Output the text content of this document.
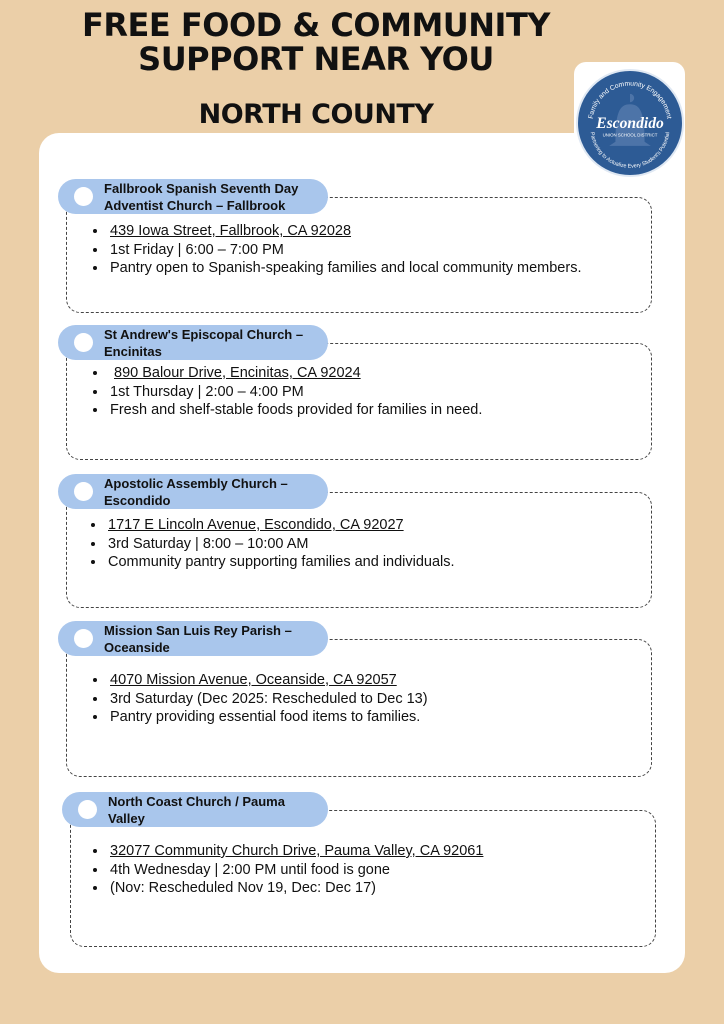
FREE FOOD & COMMUNITY SUPPORT NEAR YOU
NORTH COUNTY	Family and Community Engagement
Partnering to Actualize Every Student's Potential
Escondido
UNION SCHOOL DISTRICT
Fallbrook Spanish Seventh Day Adventist Church – Fallbrook
• 439 Iowa Street, Fallbrook, CA 92028
• 1st Friday | 6:00 – 7:00 PM
• Pantry open to Spanish-speaking families and local community members.
St Andrew's Episcopal Church – Encinitas
• 890 Balour Drive, Encinitas, CA 92024
• 1st Thursday | 2:00 – 4:00 PM
• Fresh and shelf-stable foods provided for families in need.
Apostolic Assembly Church – Escondido
• 1717 E Lincoln Avenue, Escondido, CA 92027
• 3rd Saturday | 8:00 – 10:00 AM
• Community pantry supporting families and individuals.
Mission San Luis Rey Parish – Oceanside
• 4070 Mission Avenue, Oceanside, CA 92057
• 3rd Saturday (Dec 2025: Rescheduled to Dec 13)
• Pantry providing essential food items to families.
North Coast Church / Pauma Valley
• 32077 Community Church Drive, Pauma Valley, CA 92061
• 4th Wednesday | 2:00 PM until food is gone
• (Nov: Rescheduled Nov 19, Dec: Dec 17)
